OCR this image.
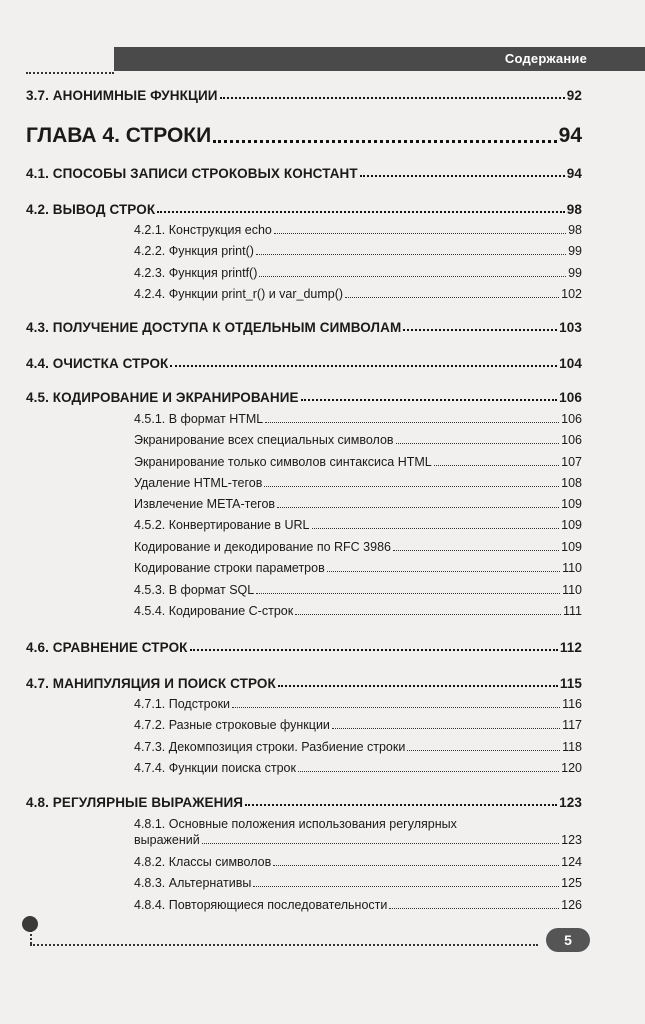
Содержание
3.7. АНОНИМНЫЕ ФУНКЦИИ	92
ГЛАВА 4. СТРОКИ	94
4.1. СПОСОБЫ ЗАПИСИ СТРОКОВЫХ КОНСТАНТ	94
4.2. ВЫВОД СТРОК	98
4.2.1. Конструкция echo	98
4.2.2. Функция print()	99
4.2.3. Функция printf()	99
4.2.4. Функции print_r() и var_dump()	102
4.3. ПОЛУЧЕНИЕ ДОСТУПА К ОТДЕЛЬНЫМ СИМВОЛАМ	103
4.4. ОЧИСТКА СТРОК	104
4.5. КОДИРОВАНИЕ И ЭКРАНИРОВАНИЕ	106
4.5.1. В формат HTML	106
Экранирование всех специальных символов	106
Экранирование только символов синтаксиса HTML	107
Удаление HTML-тегов	108
Извлечение META-тегов	109
4.5.2. Конвертирование в URL	109
Кодирование и декодирование по RFC 3986	109
Кодирование строки параметров	110
4.5.3. В формат SQL	110
4.5.4. Кодирование С-строк	111
4.6. СРАВНЕНИЕ СТРОК	112
4.7. МАНИПУЛЯЦИЯ И ПОИСК СТРОК	115
4.7.1. Подстроки	116
4.7.2. Разные строковые функции	117
4.7.3. Декомпозиция строки. Разбиение строки	118
4.7.4. Функции поиска строк	120
4.8. РЕГУЛЯРНЫЕ ВЫРАЖЕНИЯ	123
4.8.1. Основные положения использования регулярных
выражений	123
4.8.2. Классы символов	124
4.8.3. Альтернативы	125
4.8.4. Повторяющиеся последовательности	126
5
